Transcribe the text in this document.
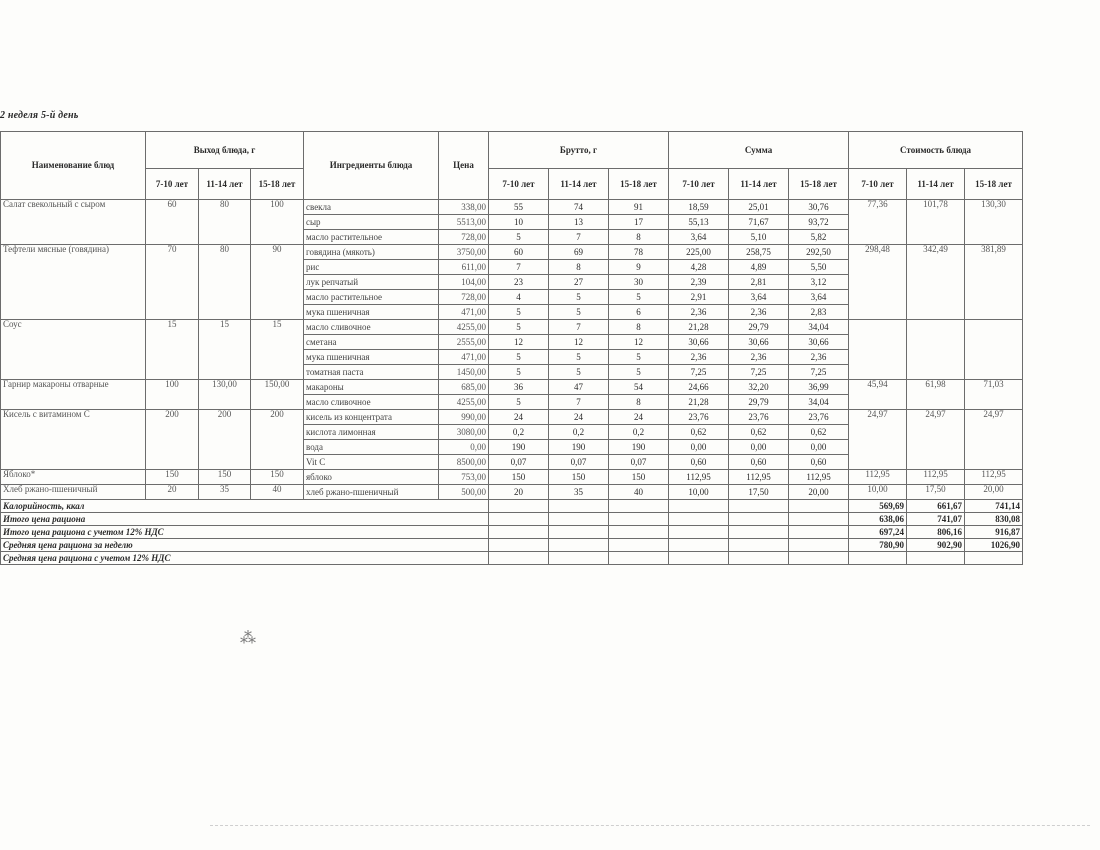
2 неделя 5-й день
Наименование блюд	Выход блюда, г			Ингредиенты блюда	Цена	Брутто, г			Сумма			Стоимость блюда		
	7-10 лет	11-14 лет	15-18 лет			7-10 лет	11-14 лет	15-18 лет	7-10 лет	11-14 лет	15-18 лет	7-10 лет	11-14 лет	15-18 лет
Салат свекольный с сыром	60	80	100	свекла	338,00	55	74	91	18,59	25,01	30,76	77,36	101,78	130,30
				сыр	5513,00	10	13	17	55,13	71,67	93,72			
				масло растительное	728,00	5	7	8	3,64	5,10	5,82			
Тефтели мясные (говядина)	70	80	90	говядина (мякоть)	3750,00	60	69	78	225,00	258,75	292,50	298,48	342,49	381,89
				рис	611,00	7	8	9	4,28	4,89	5,50			
				лук репчатый	104,00	23	27	30	2,39	2,81	3,12			
				масло растительное	728,00	4	5	5	2,91	3,64	3,64			
				мука пшеничная	471,00	5	5	6	2,36	2,36	2,83			
Соус	15	15	15	масло сливочное	4255,00	5	7	8	21,28	29,79	34,04			
				сметана	2555,00	12	12	12	30,66	30,66	30,66			
				мука пшеничная	471,00	5	5	5	2,36	2,36	2,36			
				томатная паста	1450,00	5	5	5	7,25	7,25	7,25			
Гарнир макароны отварные	100	130,00	150,00	макароны	685,00	36	47	54	24,66	32,20	36,99	45,94	61,98	71,03
				масло сливочное	4255,00	5	7	8	21,28	29,79	34,04			
Кисель с витамином С	200	200	200	кисель из концентрата	990,00	24	24	24	23,76	23,76	23,76	24,97	24,97	24,97
				кислота лимонная	3080,00	0,2	0,2	0,2	0,62	0,62	0,62			
				вода	0,00	190	190	190	0,00	0,00	0,00			
				Vit C	8500,00	0,07	0,07	0,07	0,60	0,60	0,60			
Яблоко*	150	150	150	яблоко	753,00	150	150	150	112,95	112,95	112,95	112,95	112,95	112,95
Хлеб ржано-пшеничный	20	35	40	хлеб ржано-пшеничный	500,00	20	35	40	10,00	17,50	20,00	10,00	17,50	20,00
Калорийность, ккал												569,69	661,67	741,14
Итого цена рациона												638,06	741,07	830,08
Итого цена рациона с учетом 12% НДС												697,24	806,16	916,87
Средняя цена рациона за неделю												780,90	902,90	1026,90
Средняя цена рациона с учетом 12% НДС														
⁂
